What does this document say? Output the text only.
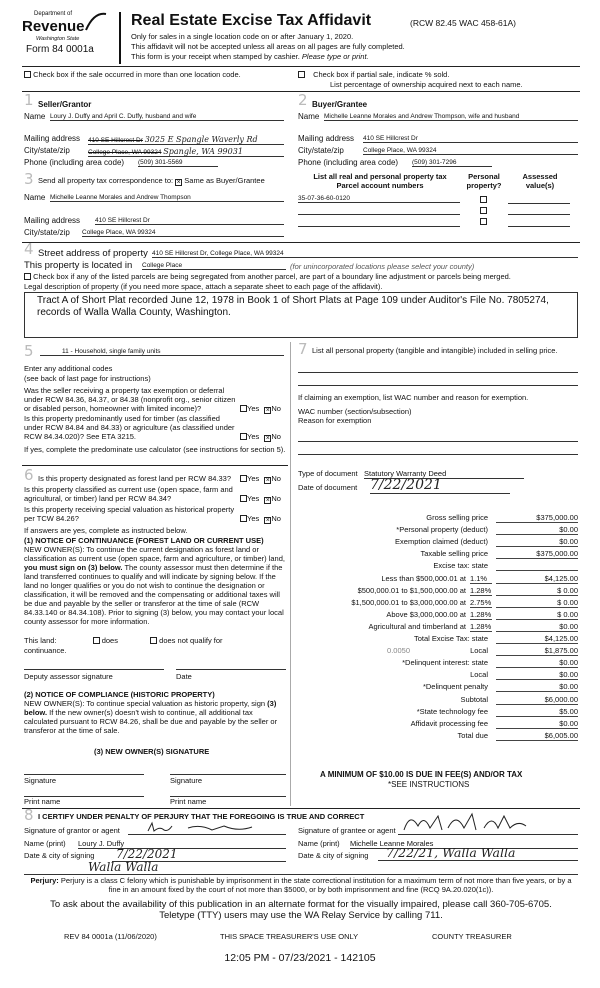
Department of
Revenue
Washington State
Form 84 0001a
Real Estate Excise Tax Affidavit	(RCW 82.45 WAC 458-61A)
Only for sales in a single location code on or after January 1, 2020.
This affidavit will not be accepted unless all areas on all pages are fully completed.
This form is your receipt when stamped by cashier. Please type or print.
Check box if the sale occurred in more than one location code.	Check box if partial sale, indicate % sold.
List percentage of ownership acquired next to each name.
1 Seller/Grantor
Name Loury J. Duffy and April C. Duffy, husband and wife
Mailing address 410 SE Hillcrest Dr 3025 E Spangle Waverly Rd
City/state/zip	College Place, WA 99324 Spangle, WA 99031
Phone (including area code) (509) 301-5569
2 Buyer/Grantee
Name Michelle Leanne Morales and Andrew Thompson, wife and husband
Mailing address 410 SE Hillcrest Dr
City/state/zip	College Place, WA 99324
Phone (including area code) (509) 301-7296
3 Send all property tax correspondence to: × Same as Buyer/Grantee
Name Michelle Leanne Morales and Andrew Thompson
Mailing address 410 SE Hillcrest Dr
City/state/zip College Place, WA 99324
List all real and personal property tax
Parcel account numbers
Personal property?
Assessed value(s)
35-07-36-60-0120
4 Street address of property 410 SE Hillcrest Dr, College Place, WA 99324
This property is located in College Place	(for unincorporated locations please select your county)
Check box if any of the listed parcels are being segregated from another parcel, are part of a boundary line adjustment or parcels being merged.
Legal description of property (if you need more space, attach a separate sheet to each page of the affidavit).
Tract A of Short Plat recorded June 12, 1978 in Book 1 of Short Plats at Page 109 under Auditor's File No. 7805274, records of Walla Walla County, Washington.
5	11 - Household, single family units
Enter any additional codes
(see back of last page for instructions)
Was the seller receiving a property tax exemption or deferral under RCW 84.36, 84.37, or 84.38 (nonprofit org., senior citizen or disabled person, homeowner with limited income)?	Yes ×No
Is this property predominantly used for timber (as classified under RCW 84.84 and 84.33) or agriculture (as classified under RCW 84.34.020)? See ETA 3215.	Yes ×No
If yes, complete the predominate use calculator (see instructions for section 5).
6 Is this property designated as forest land per RCW 84.33?	Yes ×No
Is this property classified as current use (open space, farm and agricultural, or timber) land per RCW 84.34?	Yes ×No
Is this property receiving special valuation as historical property per TCW 84.26?	Yes ×No
If answers are yes, complete as instructed below.
(1) NOTICE OF CONTINUANCE (FOREST LAND OR CURRENT USE)
NEW OWNER(S): To continue the current designation as forest land or classification as current use (open space, farm and agriculture, or timber) land, you must sign on (3) below. The county assessor must then determine if the land transferred continues to qualify and will indicate by signing below. If the land no longer qualifies or you do not wish to continue the designation or classification, it will be removed and the compensating or additional taxes will be due and payable by the seller or transferor at the time of sale (RCW 84.33.140 or 84.34.108). Prior to signing (3) below, you may contact your local county assessor for more information.
This land:	does	does not qualify for
continuance.
Deputy assessor signature	Date
(2) NOTICE OF COMPLIANCE (HISTORIC PROPERTY)
NEW OWNER(S): To continue special valuation as historic property, sign (3) below. If the new owner(s) doesn't wish to continue, all additional tax calculated pursuant to RCW 84.26, shall be due and payable by the seller or transferor at the time of sale.
(3) NEW OWNER(S) SIGNATURE
Signature	Signature
Print name	Print name
7 List all personal property (tangible and intangible) included in selling price.
If claiming an exemption, list WAC number and reason for exemption.
WAC number (section/subsection)
Reason for exemption
Type of document Statutory Warranty Deed
Date of document 7/22/2021
Gross selling price	$375,000.00
*Personal property (deduct)	$0.00
Exemption claimed (deduct)	$0.00
Taxable selling price	$375,000.00
Excise tax: state
Less than $500,000.01 at 1.1%	$4,125.00
$500,000.01 to $1,500,000.00 at 1.28%	$ 0.00
$1,500,000.01 to $3,000,000.00 at 2.75%	$ 0.00
Above $3,000,000.00 at 1.28%	$ 0.00
Agricultural and timberland at 1.28%	$0.00
Total Excise Tax: state	$4,125.00
Local
0.0050	$1,875.00
*Delinquent interest: state	$0.00
Local	$0.00
*Delinquent penalty	$0.00
Subtotal	$6,000.00
*State technology fee	$5.00
Affidavit processing fee	$0.00
Total due	$6,005.00
A MINIMUM OF $10.00 IS DUE IN FEE(S) AND/OR TAX
*SEE INSTRUCTIONS
8 I CERTIFY UNDER PENALTY OF PERJURY THAT THE FOREGOING IS TRUE AND CORRECT
Signature of grantor or agent	Signature of grantee or agent
Name (print) Loury J. Duffy	Name (print) Michelle Leanne Morales
Date & city of signing	7/22/2021
Walla Walla
Date & city of signing	7/22/21, Walla Walla
Perjury: Perjury is a class C felony which is punishable by imprisonment in the state correctional institution for a maximum term of not more than five years, or by a fine in an amount fixed by the court of not more than $5000, or by both imprisonment and fine (RCQ 9A.20.020(1c)).
To ask about the availability of this publication in an alternate format for the visually impaired, please call 360-705-6705.
Teletype (TTY) users may use the WA Relay Service by calling 711.
REV 84 0001a (11/06/2020)	THIS SPACE TREASURER'S USE ONLY	COUNTY TREASURER
12:05 PM - 07/23/2021 - 142105
